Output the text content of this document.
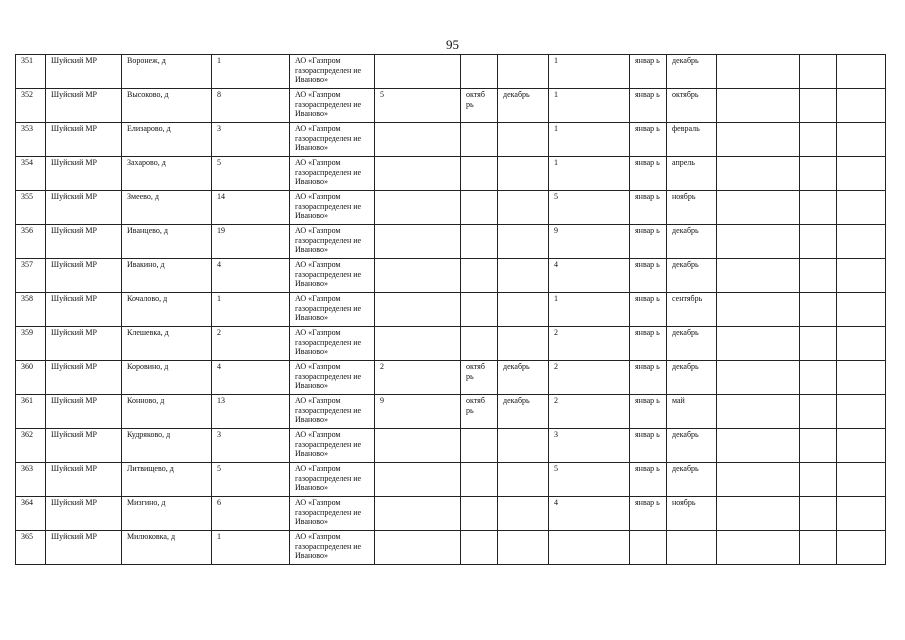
95
351	Шуйский МР	Воронеж, д	1	АО «Газпром газораспределен ие Иваново»				1	январ ь	декабрь			
352	Шуйский МР	Высоково, д	8	АО «Газпром газораспределен ие Иваново»	5	октяб рь	декабрь	1	январ ь	октябрь			
353	Шуйский МР	Елизарово, д	3	АО «Газпром газораспределен ие Иваново»				1	январ ь	февраль			
354	Шуйский МР	Захарово, д	5	АО «Газпром газораспределен ие Иваново»				1	январ ь	апрель			
355	Шуйский МР	Змеево, д	14	АО «Газпром газораспределен ие Иваново»				5	январ ь	ноябрь			
356	Шуйский МР	Иванцево, д	19	АО «Газпром газораспределен ие Иваново»				9	январ ь	декабрь			
357	Шуйский МР	Ивакино, д	4	АО «Газпром газораспределен ие Иваново»				4	январ ь	декабрь			
358	Шуйский МР	Кочалово, д	1	АО «Газпром газораспределен ие Иваново»				1	январ ь	сентябрь			
359	Шуйский МР	Клешевка, д	2	АО «Газпром газораспределен ие Иваново»				2	январ ь	декабрь			
360	Шуйский МР	Коровино, д	4	АО «Газпром газораспределен ие Иваново»	2	октяб рь	декабрь	2	январ ь	декабрь			
361	Шуйский МР	Конново, д	13	АО «Газпром газораспределен ие Иваново»	9	октяб рь	декабрь	2	январ ь	май			
362	Шуйский МР	Кудряково, д	3	АО «Газпром газораспределен ие Иваново»				3	январ ь	декабрь			
363	Шуйский МР	Литвищево, д	5	АО «Газпром газораспределен ие Иваново»				5	январ ь	декабрь			
364	Шуйский МР	Мизгино, д	6	АО «Газпром газораспределен ие Иваново»				4	январ ь	ноябрь			
365	Шуйский МР	Милюковка, д	1	АО «Газпром газораспределен ие Иваново»									
